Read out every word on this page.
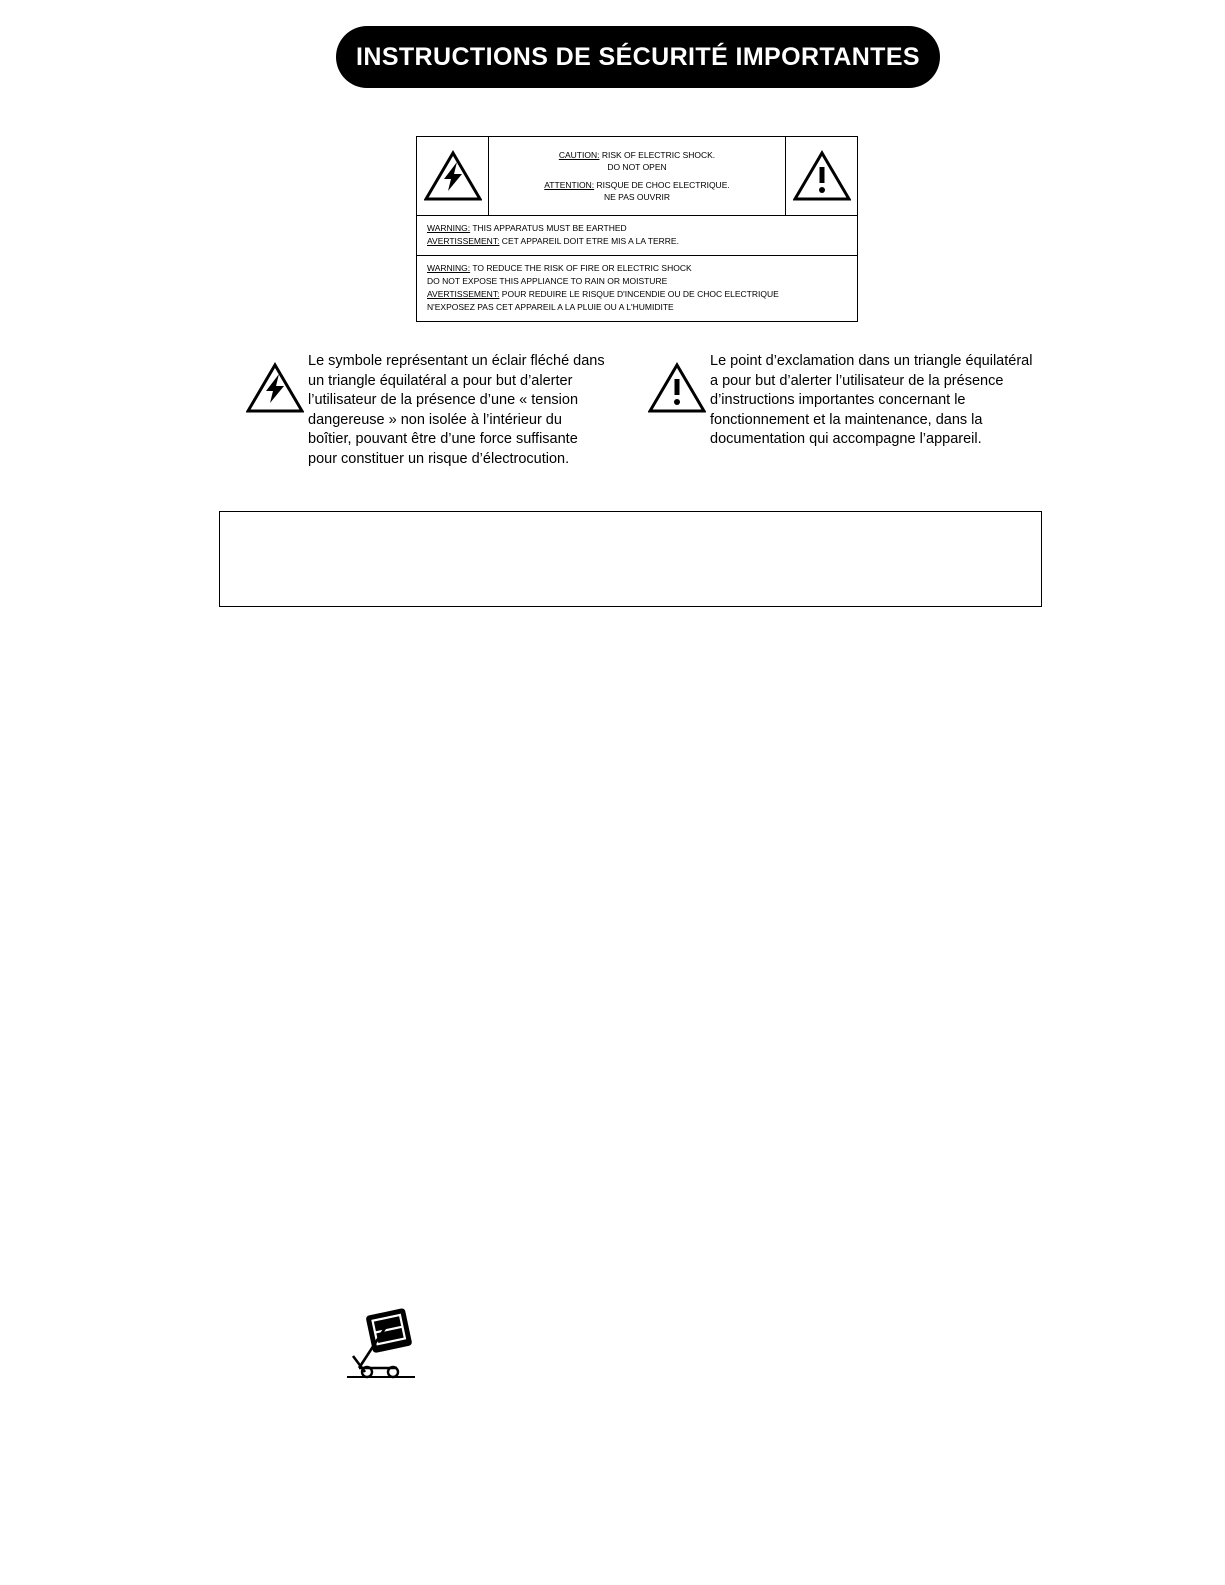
INSTRUCTIONS DE SÉCURITÉ IMPORTANTES
CAUTION: RISK OF ELECTRIC SHOCK.
DO NOT OPEN
ATTENTION: RISQUE DE CHOC ELECTRIQUE.
NE PAS OUVRIR
WARNING: THIS APPARATUS MUST BE EARTHED
AVERTISSEMENT: CET APPAREIL DOIT ETRE MIS A LA TERRE.
WARNING: TO REDUCE THE RISK OF FIRE OR ELECTRIC SHOCK
DO NOT EXPOSE THIS APPLIANCE TO RAIN OR MOISTURE
AVERTISSEMENT: POUR REDUIRE LE RISQUE D'INCENDIE OU DE CHOC ELECTRIQUE
N'EXPOSEZ PAS CET APPAREIL A LA PLUIE OU A L'HUMIDITE
Le symbole représentant un éclair fléché dans un triangle équilatéral a pour but d’alerter l’utilisateur de la présence d’une « tension dangereuse » non isolée à l’intérieur du boîtier, pouvant être d’une force suffisante pour constituer un risque d’électrocution.
Le point d’exclamation dans un triangle équilatéral a pour but d’alerter l’utilisateur de la présence d’instructions importantes concernant le fonctionnement et la maintenance, dans la documentation qui accompagne l’appareil.
